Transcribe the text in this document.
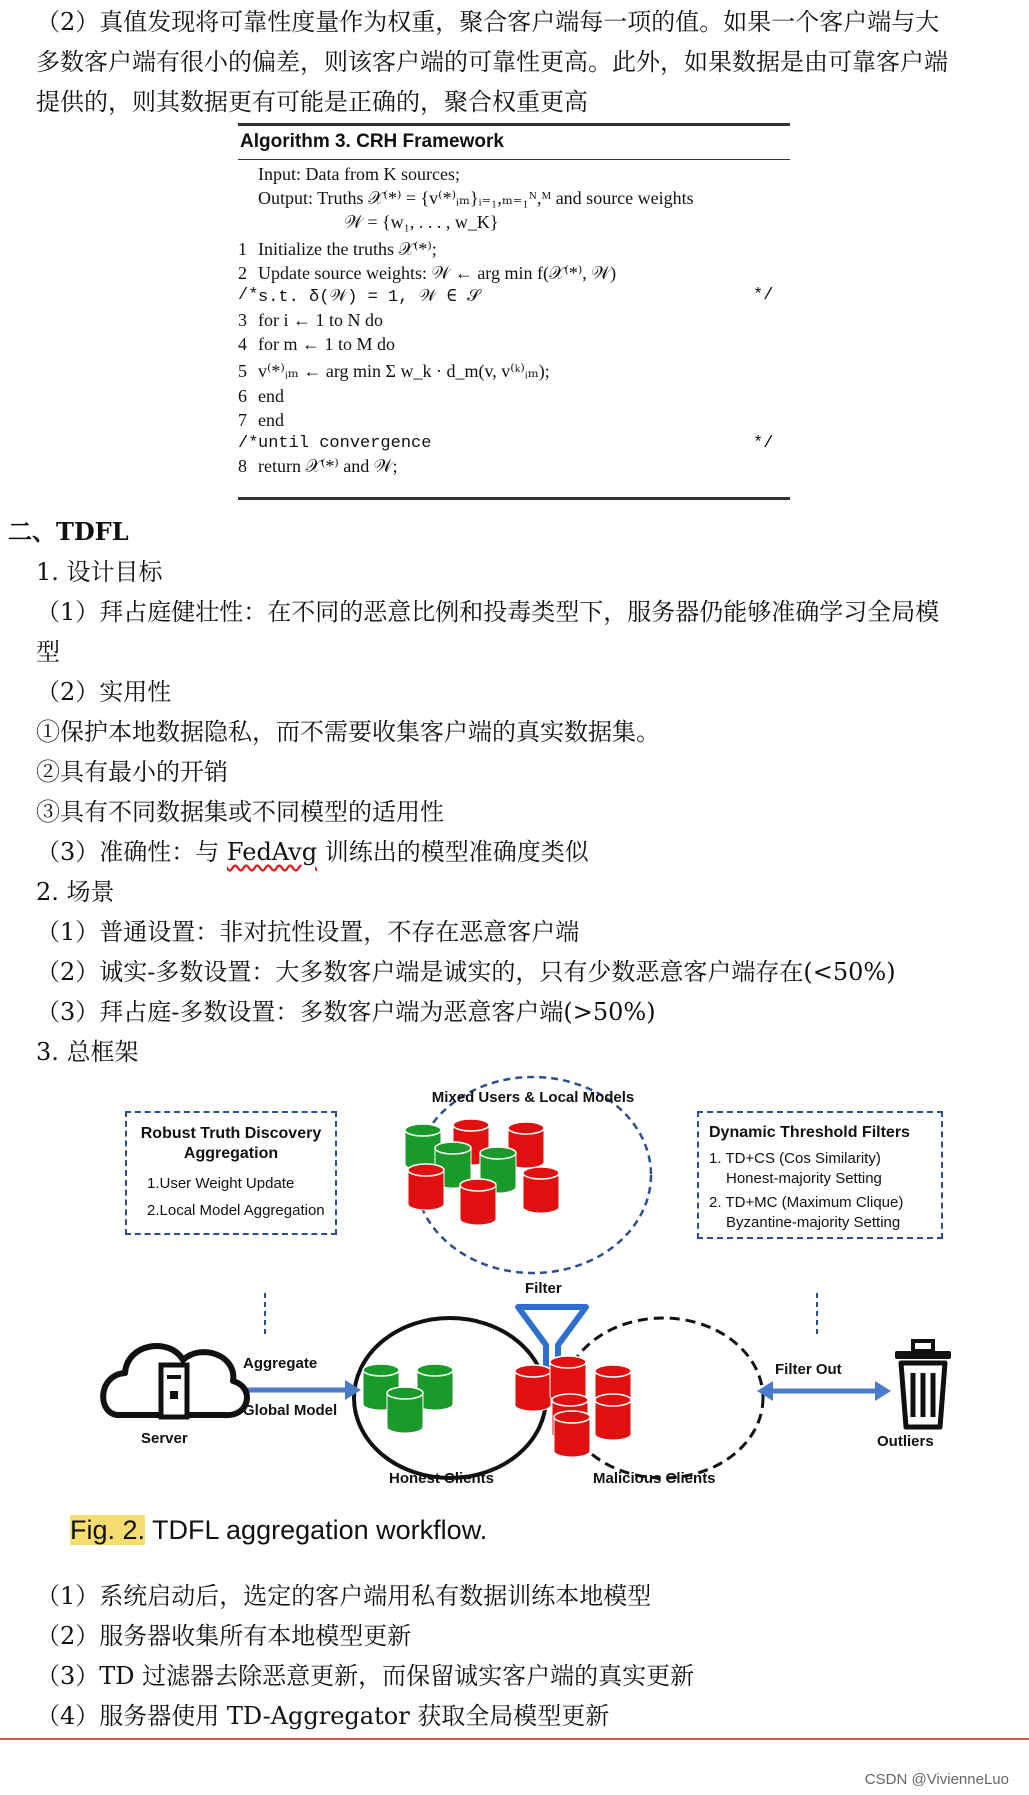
（2）真值发现将可靠性度量作为权重，聚合客户端每一项的值。如果一个客户端与大
多数客户端有很小的偏差，则该客户端的可靠性更高。此外，如果数据是由可靠客户端
提供的，则其数据更有可能是正确的，聚合权重更高
Algorithm 3. CRH Framework
Input: Data from K sources;
Output: Truths 𝒳⁽*⁾ = {v⁽*⁾ᵢₘ}ᵢ₌₁,ₘ₌₁ᴺ,ᴹ and source weights
𝒲 = {w₁, . . . , w_K}
1 Initialize the truths 𝒳⁽*⁾;
2 Update source weights: 𝒲 ← arg min f(𝒳⁽*⁾, 𝒲)
/* s.t. δ(𝒲) = 1, 𝒲 ∈ 𝒮	*/
3 for i ← 1 to N do
4 for m ← 1 to M do
5 v⁽*⁾ᵢₘ ← arg min Σ w_k · d_m(v, v⁽ᵏ⁾ᵢₘ);
6 end
7 end
/* until convergence	*/
8 return 𝒳⁽*⁾ and 𝒲;
二、TDFL
1. 设计目标
（1）拜占庭健壮性：在不同的恶意比例和投毒类型下，服务器仍能够准确学习全局模
型
（2）实用性
①保护本地数据隐私，而不需要收集客户端的真实数据集。
②具有最小的开销
③具有不同数据集或不同模型的适用性
（3）准确性：与 FedAvg 训练出的模型准确度类似
2. 场景
（1）普通设置：非对抗性设置，不存在恶意客户端
（2）诚实-多数设置：大多数客户端是诚实的，只有少数恶意客户端存在(<50%)
（3）拜占庭-多数设置：多数客户端为恶意客户端(>50%)
3. 总框架
Robust Truth Discovery
Aggregation
1.User Weight Update
2.Local Model Aggregation
Dynamic Threshold Filters
1. TD+CS (Cos Similarity)
Honest-majority Setting
2. TD+MC (Maximum Clique)
Byzantine-majority Setting
Mixed Users & Local Models
Filter
Aggregate
Global Model
Server
Filter Out
Outliers
Honest Clients	Malicious Clients
Fig. 2. TDFL aggregation workflow.
（1）系统启动后，选定的客户端用私有数据训练本地模型
（2）服务器收集所有本地模型更新
（3）TD 过滤器去除恶意更新，而保留诚实客户端的真实更新
（4）服务器使用 TD-Aggregator 获取全局模型更新
CSDN @VivienneLuo
